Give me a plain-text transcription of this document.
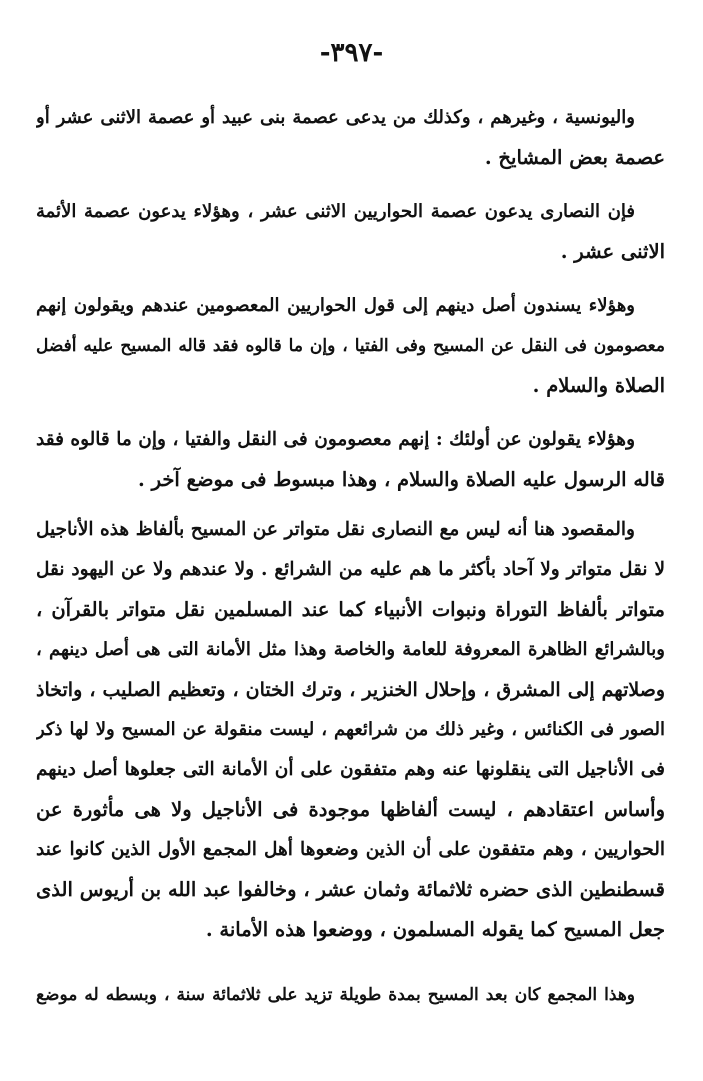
-٣٩٧-
واليونسية ، وغيرهم ، وكذلك من يدعى عصمة بنى عبيد أو عصمة الاثنى عشر أو
عصمة بعض المشايخ .
فإن النصارى يدعون عصمة الحواريين الاثنى عشر ، وهؤلاء يدعون عصمة الأئمة
الاثنى عشر .
وهؤلاء يسندون أصل دينهم إلى قول الحواريين المعصومين عندهم ويقولون إنهم
معصومون فى النقل عن المسيح وفى الفتيا ، وإن ما قالوه فقد قاله المسيح عليه أفضل
الصلاة والسلام .
وهؤلاء يقولون عن أولئك : إنهم معصومون فى النقل والفتيا ، وإن ما قالوه فقد
قاله الرسول عليه الصلاة والسلام ، وهذا مبسوط فى موضع آخر .
والمقصود هنا أنه ليس مع النصارى نقل متواتر عن المسيح بألفاظ هذه الأناجيل
لا نقل متواتر ولا آحاد بأكثر ما هم عليه من الشرائع . ولا عندهم ولا عن اليهود نقل
متواتر بألفاظ التوراة ونبوات الأنبياء كما عند المسلمين نقل متواتر بالقرآن ،
وبالشرائع الظاهرة المعروفة للعامة والخاصة وهذا مثل الأمانة التى هى أصل دينهم ،
وصلاتهم إلى المشرق ، وإحلال الخنزير ، وترك الختان ، وتعظيم الصليب ، واتخاذ
الصور فى الكنائس ، وغير ذلك من شرائعهم ، ليست منقولة عن المسيح ولا لها ذكر
فى الأناجيل التى ينقلونها عنه وهم متفقون على أن الأمانة التى جعلوها أصل دينهم
وأساس اعتقادهم ، ليست ألفاظها موجودة فى الأناجيل ولا هى مأثورة عن
الحواريين ، وهم متفقون على أن الذين وضعوها أهل المجمع الأول الذين كانوا عند
قسطنطين الذى حضره ثلاثمائة وثمان عشر ، وخالفوا عبد الله بن أريوس الذى
جعل المسيح كما يقوله المسلمون ، ووضعوا هذه الأمانة .
وهذا المجمع كان بعد المسيح بمدة طويلة تزيد على ثلاثمائة سنة ، وبسطه له موضع
